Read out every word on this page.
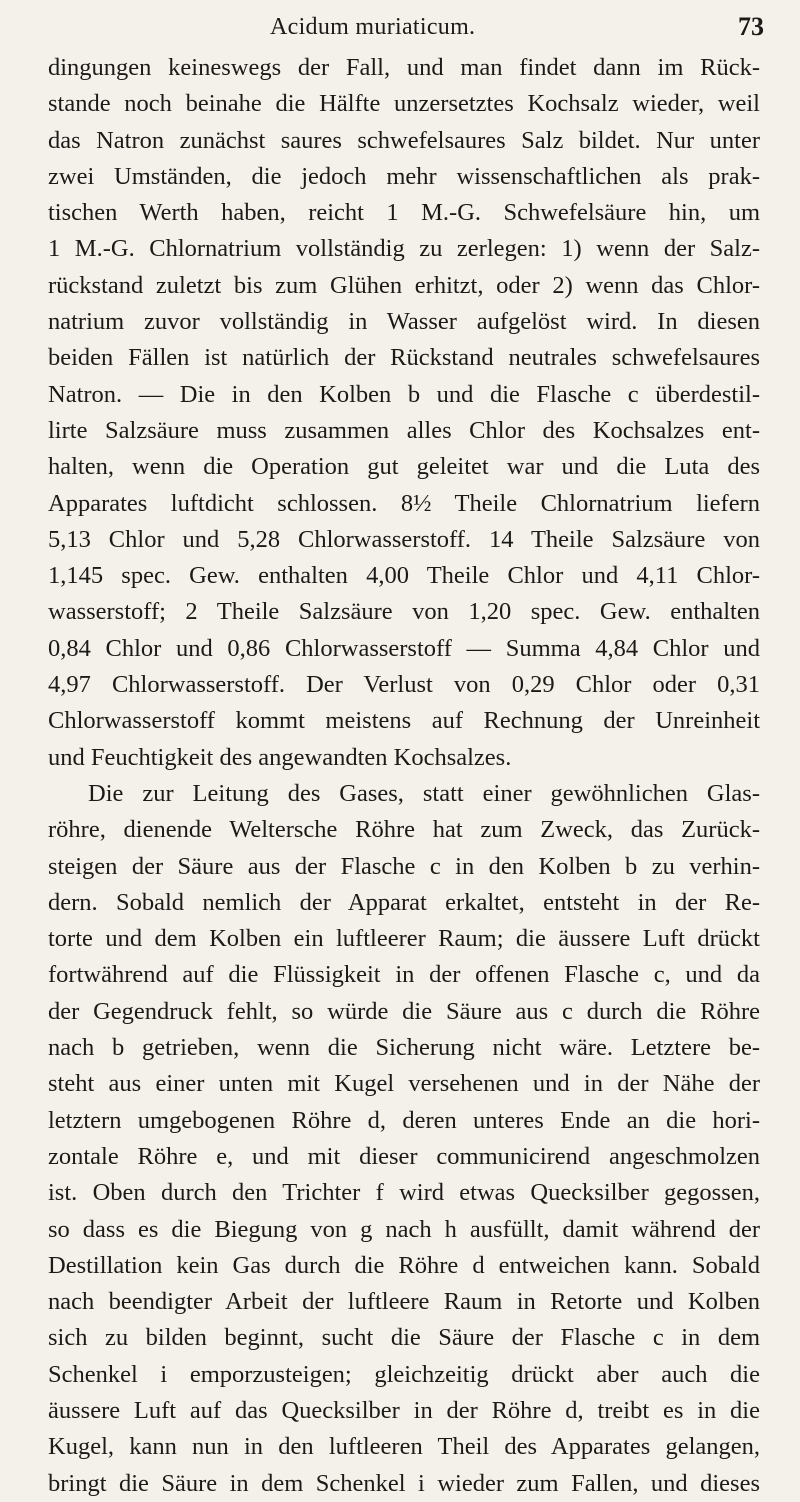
Acidum muriaticum.	73
dingungen keineswegs der Fall, und man findet dann im Rück-
stande noch beinahe die Hälfte unzersetztes Kochsalz wieder, weil
das Natron zunächst saures schwefelsaures Salz bildet. Nur unter
zwei Umständen, die jedoch mehr wissenschaftlichen als prak-
tischen Werth haben, reicht 1 M.-G. Schwefelsäure hin, um
1 M.-G. Chlornatrium vollständig zu zerlegen: 1) wenn der Salz-
rückstand zuletzt bis zum Glühen erhitzt, oder 2) wenn das Chlor-
natrium zuvor vollständig in Wasser aufgelöst wird. In diesen
beiden Fällen ist natürlich der Rückstand neutrales schwefelsaures
Natron. — Die in den Kolben b und die Flasche c überdestil-
lirte Salzsäure muss zusammen alles Chlor des Kochsalzes ent-
halten, wenn die Operation gut geleitet war und die Luta des
Apparates luftdicht schlossen. 8½ Theile Chlornatrium liefern
5,13 Chlor und 5,28 Chlorwasserstoff. 14 Theile Salzsäure von
1,145 spec. Gew. enthalten 4,00 Theile Chlor und 4,11 Chlor-
wasserstoff; 2 Theile Salzsäure von 1,20 spec. Gew. enthalten
0,84 Chlor und 0,86 Chlorwasserstoff — Summa 4,84 Chlor und
4,97 Chlorwasserstoff. Der Verlust von 0,29 Chlor oder 0,31
Chlorwasserstoff kommt meistens auf Rechnung der Unreinheit
und Feuchtigkeit des angewandten Kochsalzes.
Die zur Leitung des Gases, statt einer gewöhnlichen Glas-
röhre, dienende Weltersche Röhre hat zum Zweck, das Zurück-
steigen der Säure aus der Flasche c in den Kolben b zu verhin-
dern. Sobald nemlich der Apparat erkaltet, entsteht in der Re-
torte und dem Kolben ein luftleerer Raum; die äussere Luft drückt
fortwährend auf die Flüssigkeit in der offenen Flasche c, und da
der Gegendruck fehlt, so würde die Säure aus c durch die Röhre
nach b getrieben, wenn die Sicherung nicht wäre. Letztere be-
steht aus einer unten mit Kugel versehenen und in der Nähe der
letztern umgebogenen Röhre d, deren unteres Ende an die hori-
zontale Röhre e, und mit dieser communicirend angeschmolzen
ist. Oben durch den Trichter f wird etwas Quecksilber gegossen,
so dass es die Biegung von g nach h ausfüllt, damit während der
Destillation kein Gas durch die Röhre d entweichen kann. Sobald
nach beendigter Arbeit der luftleere Raum in Retorte und Kolben
sich zu bilden beginnt, sucht die Säure der Flasche c in dem
Schenkel i emporzusteigen; gleichzeitig drückt aber auch die
äussere Luft auf das Quecksilber in der Röhre d, treibt es in die
Kugel, kann nun in den luftleeren Theil des Apparates gelangen,
bringt die Säure in dem Schenkel i wieder zum Fallen, und dieses
